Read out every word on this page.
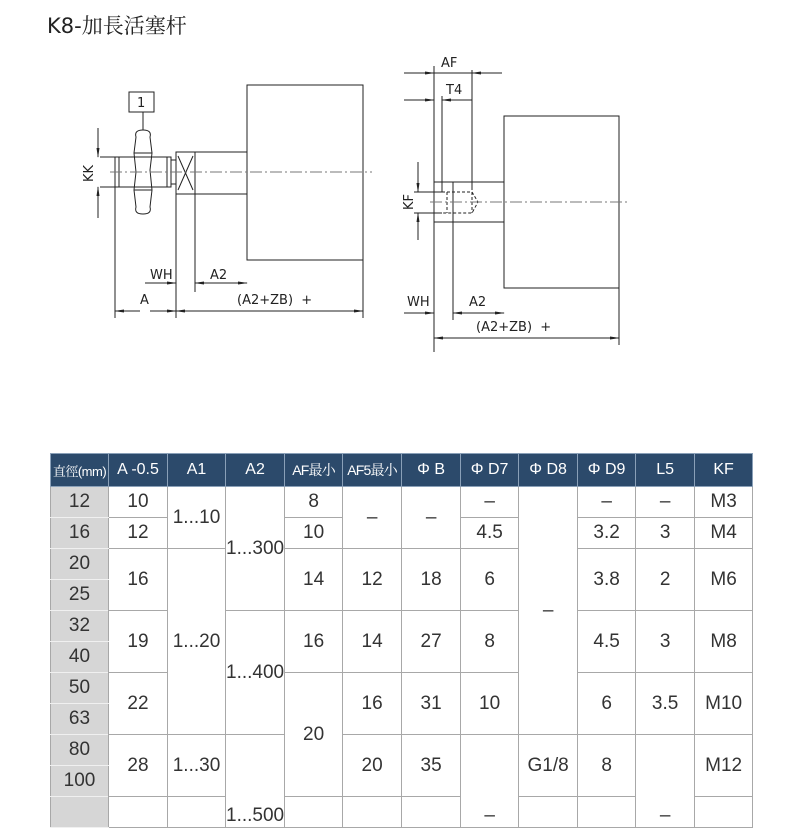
K8-加長活塞杆
1
KK
WH	A2
A	(A2+ZB)  +
AF
T4
KF
WH	A2
(A2+ZB)  +
直徑(mm)	A -0.5	A1	A2	AF最小	AF5最小	Φ B	Φ D7	Φ D8	Φ D9	L5	KF
12	10	1...10	1...300	8	–	–	–	–	–	–	M3
16	12			10			4.5		3.2	3	M4
20	16	1...20		14	12	18	6		3.8	2	M6
25											
32	19		1...400	16	14	27	8		4.5	3	M8
40											
50	22			20	16	31	10		6	3.5	M10
63											
80	28	1...30	1...500		20	35	–	G1/8	8	–	M12
100											
